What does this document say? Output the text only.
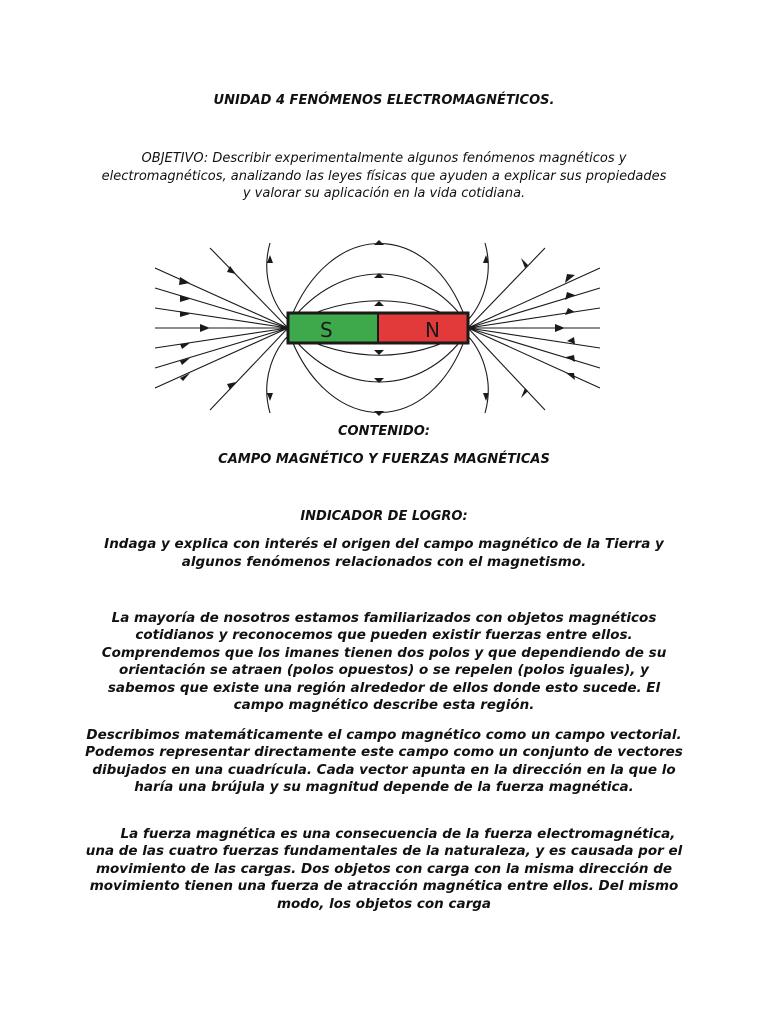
UNIDAD 4 FENÓMENOS ELECTROMAGNÉTICOS.
OBJETIVO: Describir experimentalmente algunos fenómenos magnéticos y electromagnéticos, analizando las leyes físicas que ayuden a explicar sus propiedades y valorar su aplicación en la vida cotidiana.
S	N
CONTENIDO:
CAMPO MAGNÉTICO Y FUERZAS MAGNÉTICAS
INDICADOR DE LOGRO:
Indaga y explica con interés el origen del campo magnético de la Tierra y algunos fenómenos relacionados con el magnetismo.
La mayoría de nosotros estamos familiarizados con objetos magnéticos cotidianos y reconocemos que pueden existir fuerzas entre ellos. Comprendemos que los imanes tienen dos polos y que dependiendo de su orientación se atraen (polos opuestos) o se repelen (polos iguales), y sabemos que existe una región alrededor de ellos donde esto sucede. El campo magnético describe esta región.
Describimos matemáticamente el campo magnético como un campo vectorial. Podemos representar directamente este campo como un conjunto de vectores dibujados en una cuadrícula. Cada vector apunta en la dirección en la que lo haría una brújula y su magnitud depende de la fuerza magnética.
La fuerza magnética es una consecuencia de la fuerza electromagnética, una de las cuatro fuerzas fundamentales de la naturaleza, y es causada por el movimiento de las cargas. Dos objetos con carga con la misma dirección de movimiento tienen una fuerza de atracción magnética entre ellos. Del mismo modo, los objetos con carga
